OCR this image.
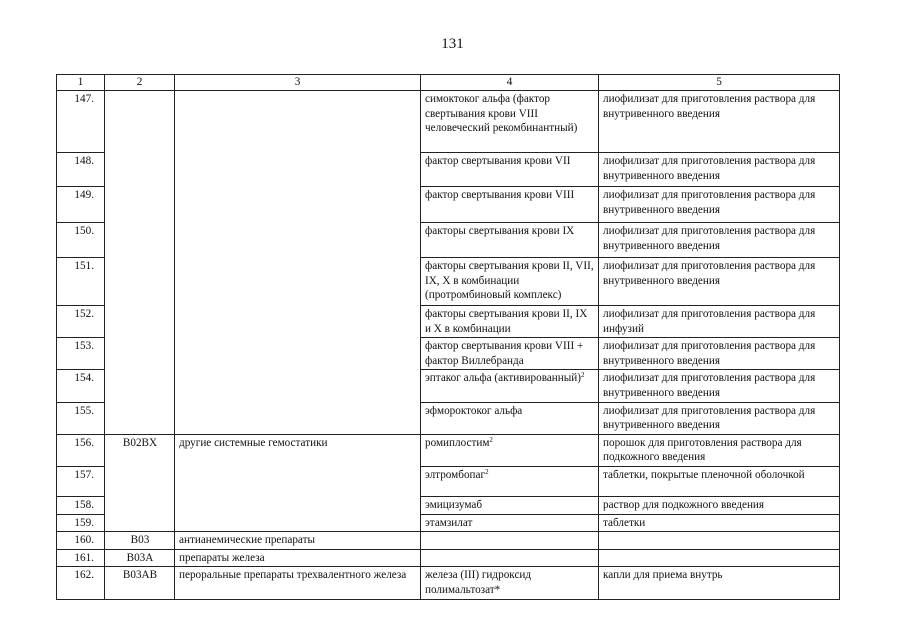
131
1	2	3	4	5
147.			симоктоког альфа (фактор свертывания крови VIII человеческий рекомбинантный)	лиофилизат для приготовления раствора для внутривенного введения
148.			фактор свертывания крови VII	лиофилизат для приготовления раствора для внутривенного введения
149.			фактор свертывания крови VIII	лиофилизат для приготовления раствора для внутривенного введения
150.			факторы свертывания крови IX	лиофилизат для приготовления раствора для внутривенного введения
151.			факторы свертывания крови II, VII, IX, X в комбинации (протромбиновый комплекс)	лиофилизат для приготовления раствора для внутривенного введения
152.			факторы свертывания крови II, IX и X в комбинации	лиофилизат для приготовления раствора для инфузий
153.			фактор свертывания крови VIII + фактор Виллебранда	лиофилизат для приготовления раствора для внутривенного введения
154.			эптаког альфа (активированный)$^2$	лиофилизат для приготовления раствора для внутривенного введения
155.			эфмороктоког альфа	лиофилизат для приготовления раствора для внутривенного введения
156.	B02BX	другие системные гемостатики	ромиплостим$^2$	порошок для приготовления раствора для подкожного введения
157.			элтромбопаг$^2$	таблетки, покрытые пленочной оболочкой
158.			эмицизумаб	раствор для подкожного введения
159.			этамзилат	таблетки
160.	B03	антианемические препараты		
161.	B03A	препараты железа		
162.	B03AB	пероральные препараты трехвалентного железа	железа (III) гидроксид полимальтозат*	капли для приема внутрь
